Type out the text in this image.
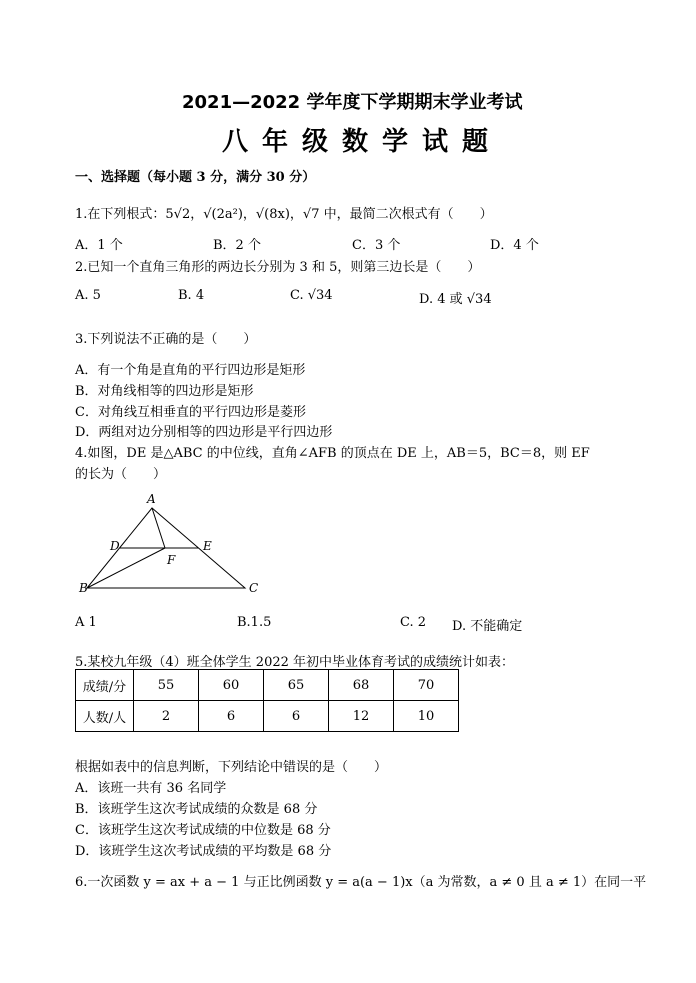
2021—2022 学年度下学期期末学业考试
八年级数学试题
一、选择题（每小题 3 分，满分 30 分）
1.在下列根式：5√2，√(2a²)，√(8x)，√7 中，最简二次根式有（　　）
A．1 个	B．2 个	C．3 个	D．4 个
2.已知一个直角三角形的两边长分别为 3 和 5，则第三边长是（　　）
A. 5	B. 4	C. √34	D. 4 或 √34
3.下列说法不正确的是（　　）
A．有一个角是直角的平行四边形是矩形
B．对角线相等的四边形是矩形
C．对角线互相垂直的平行四边形是菱形
D．两组对边分别相等的四边形是平行四边形
4.如图，DE 是△ABC 的中位线，直角∠AFB 的顶点在 DE 上，AB＝5，BC＝8，则 EF
的长为（　　）
A
B	C
D	E
F
A 1	B.1.5	C. 2 D. 不能确定
5.某校九年级（4）班全体学生 2022 年初中毕业体育考试的成绩统计如表：
成绩/分	55	60	65	68	70
人数/人	2	6	6	12	10
根据如表中的信息判断，下列结论中错误的是（　　）
A．该班一共有 36 名同学
B．该班学生这次考试成绩的众数是 68 分
C．该班学生这次考试成绩的中位数是 68 分
D．该班学生这次考试成绩的平均数是 68 分
6.一次函数 y = ax + a − 1 与正比例函数 y = a(a − 1)x（a 为常数，a ≠ 0 且 a ≠ 1）在同一平
